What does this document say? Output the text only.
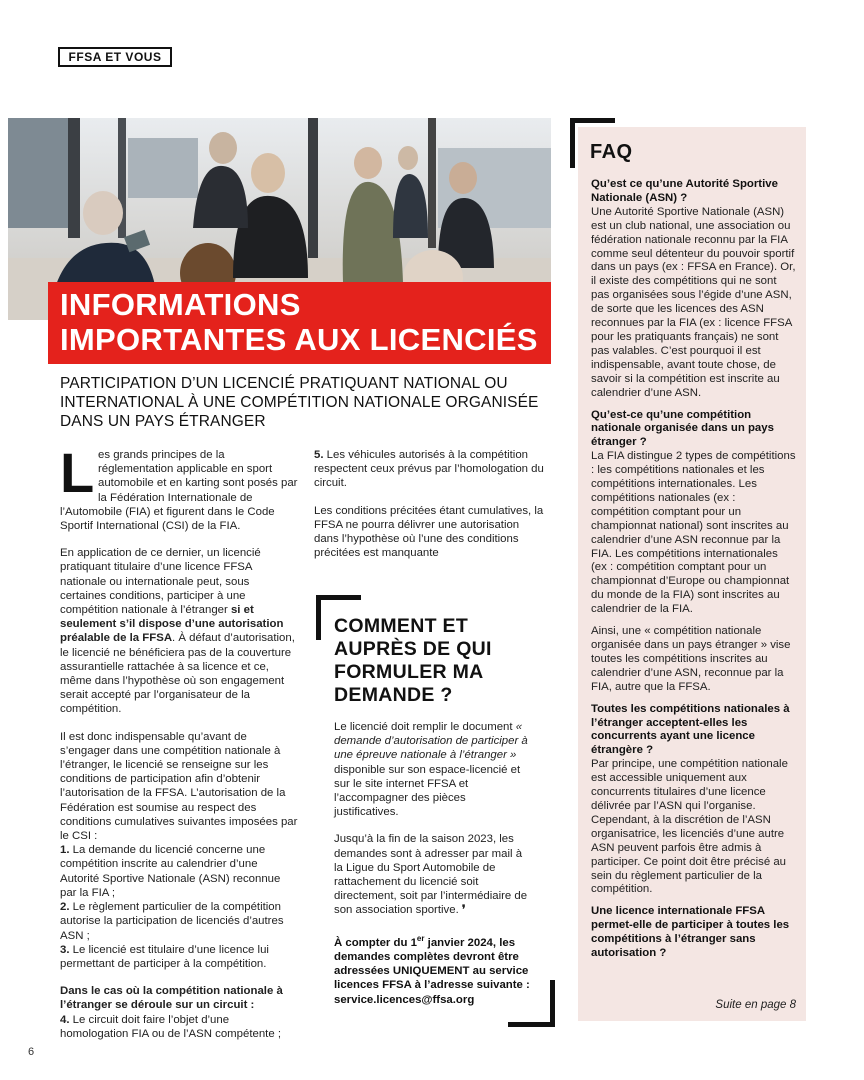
FFSA ET VOUS
INFORMATIONS
IMPORTANTES AUX LICENCIÉS
PARTICIPATION D’UN LICENCIÉ PRATIQUANT NATIONAL OU INTERNATIONAL À UNE COMPÉTITION NATIONALE ORGANISÉE DANS UN PAYS ÉTRANGER

L es grands principes de la réglementation applicable en sport automobile et en karting sont posés par la Fédération Internationale de l’Automobile (FIA) et figurent dans le Code Sportif International (CSI) de la FIA.

En application de ce dernier, un licencié pratiquant titulaire d’une licence FFSA nationale ou internationale peut, sous certaines conditions, participer à une compétition nationale à l’étranger si et seulement s’il dispose d’une autorisation préalable de la FFSA. À défaut d’autorisation, le licencié ne bénéficiera pas de la couverture assurantielle rattachée à sa licence et ce, même dans l’hypothèse où son engagement serait accepté par l’organisateur de la compétition.

Il est donc indispensable qu’avant de s’engager dans une compétition nationale à l’étranger, le licencié se renseigne sur les conditions de participation afin d’obtenir l’autorisation de la FFSA. L’autorisation de la Fédération est soumise au respect des conditions cumulatives suivantes imposées par le CSI :
1. La demande du licencié concerne une compétition inscrite au calendrier d’une Autorité Sportive Nationale (ASN) reconnue par la FIA ;
2. Le règlement particulier de la compétition autorise la participation de licenciés d’autres ASN ;
3. Le licencié est titulaire d’une licence lui permettant de participer à la compétition.

Dans le cas où la compétition nationale à l’étranger se déroule sur un circuit :
4. Le circuit doit faire l’objet d’une homologation FIA ou de l’ASN compétente ;

5. Les véhicules autorisés à la compétition respectent ceux prévus par l’homologation du circuit.

Les conditions précitées étant cumulatives, la FFSA ne pourra délivrer une autorisation dans l’hypothèse où l’une des conditions précitées est manquante

COMMENT ET AUPRÈS DE QUI FORMULER MA DEMANDE ?

Le licencié doit remplir le document « demande d’autorisation de participer à une épreuve nationale à l’étranger » disponible sur son espace-licencié et sur le site internet FFSA et l’accompagner des pièces justificatives.

Jusqu’à la fin de la saison 2023, les demandes sont à adresser par mail à la Ligue du Sport Automobile de rattachement du licencié soit directement, soit par l’intermédiaire de son association sportive. ❜

À compter du 1er janvier 2024, les demandes complètes devront être adressées UNIQUEMENT au service licences FFSA à l’adresse suivante : service.licences@ffsa.org
FAQ

Qu’est ce qu’une Autorité Sportive Nationale (ASN) ?

Une Autorité Sportive Nationale (ASN) est un club national, une association ou fédération nationale reconnu par la FIA comme seul détenteur du pouvoir sportif dans un pays (ex : FFSA en France). Or, il existe des compétitions qui ne sont pas organisées sous l’égide d’une ASN, de sorte que les licences des ASN reconnues par la FIA (ex : licence FFSA pour les pratiquants français) ne sont pas valables. C’est pourquoi il est indispensable, avant toute chose, de savoir si la compétition est inscrite au calendrier d’une ASN.

Qu’est-ce qu’une compétition nationale organisée dans un pays étranger ?

La FIA distingue 2 types de compétitions : les compétitions nationales et les compétitions internationales. Les compétitions nationales (ex : compétition comptant pour un championnat national) sont inscrites au calendrier d’une ASN reconnue par la FIA. Les compétitions internationales (ex : compétition comptant pour un championnat d’Europe ou championnat du monde de la FIA) sont inscrites au calendrier de la FIA.

Ainsi, une « compétition nationale organisée dans un pays étranger » vise toutes les compétitions inscrites au calendrier d’une ASN, reconnue par la FIA, autre que la FFSA.

Toutes les compétitions nationales à l’étranger acceptent-elles les concurrents ayant une licence étrangère ?

Par principe, une compétition nationale est accessible uniquement aux concurrents titulaires d’une licence délivrée par l’ASN qui l’organise. Cependant, à la discrétion de l’ASN organisatrice, les licenciés d’une autre ASN peuvent parfois être admis à participer. Ce point doit être précisé au sein du règlement particulier de la compétition.

Une licence internationale FFSA permet-elle de participer à toutes les compétitions à l’étranger sans autorisation ?

Suite en page 8
6
